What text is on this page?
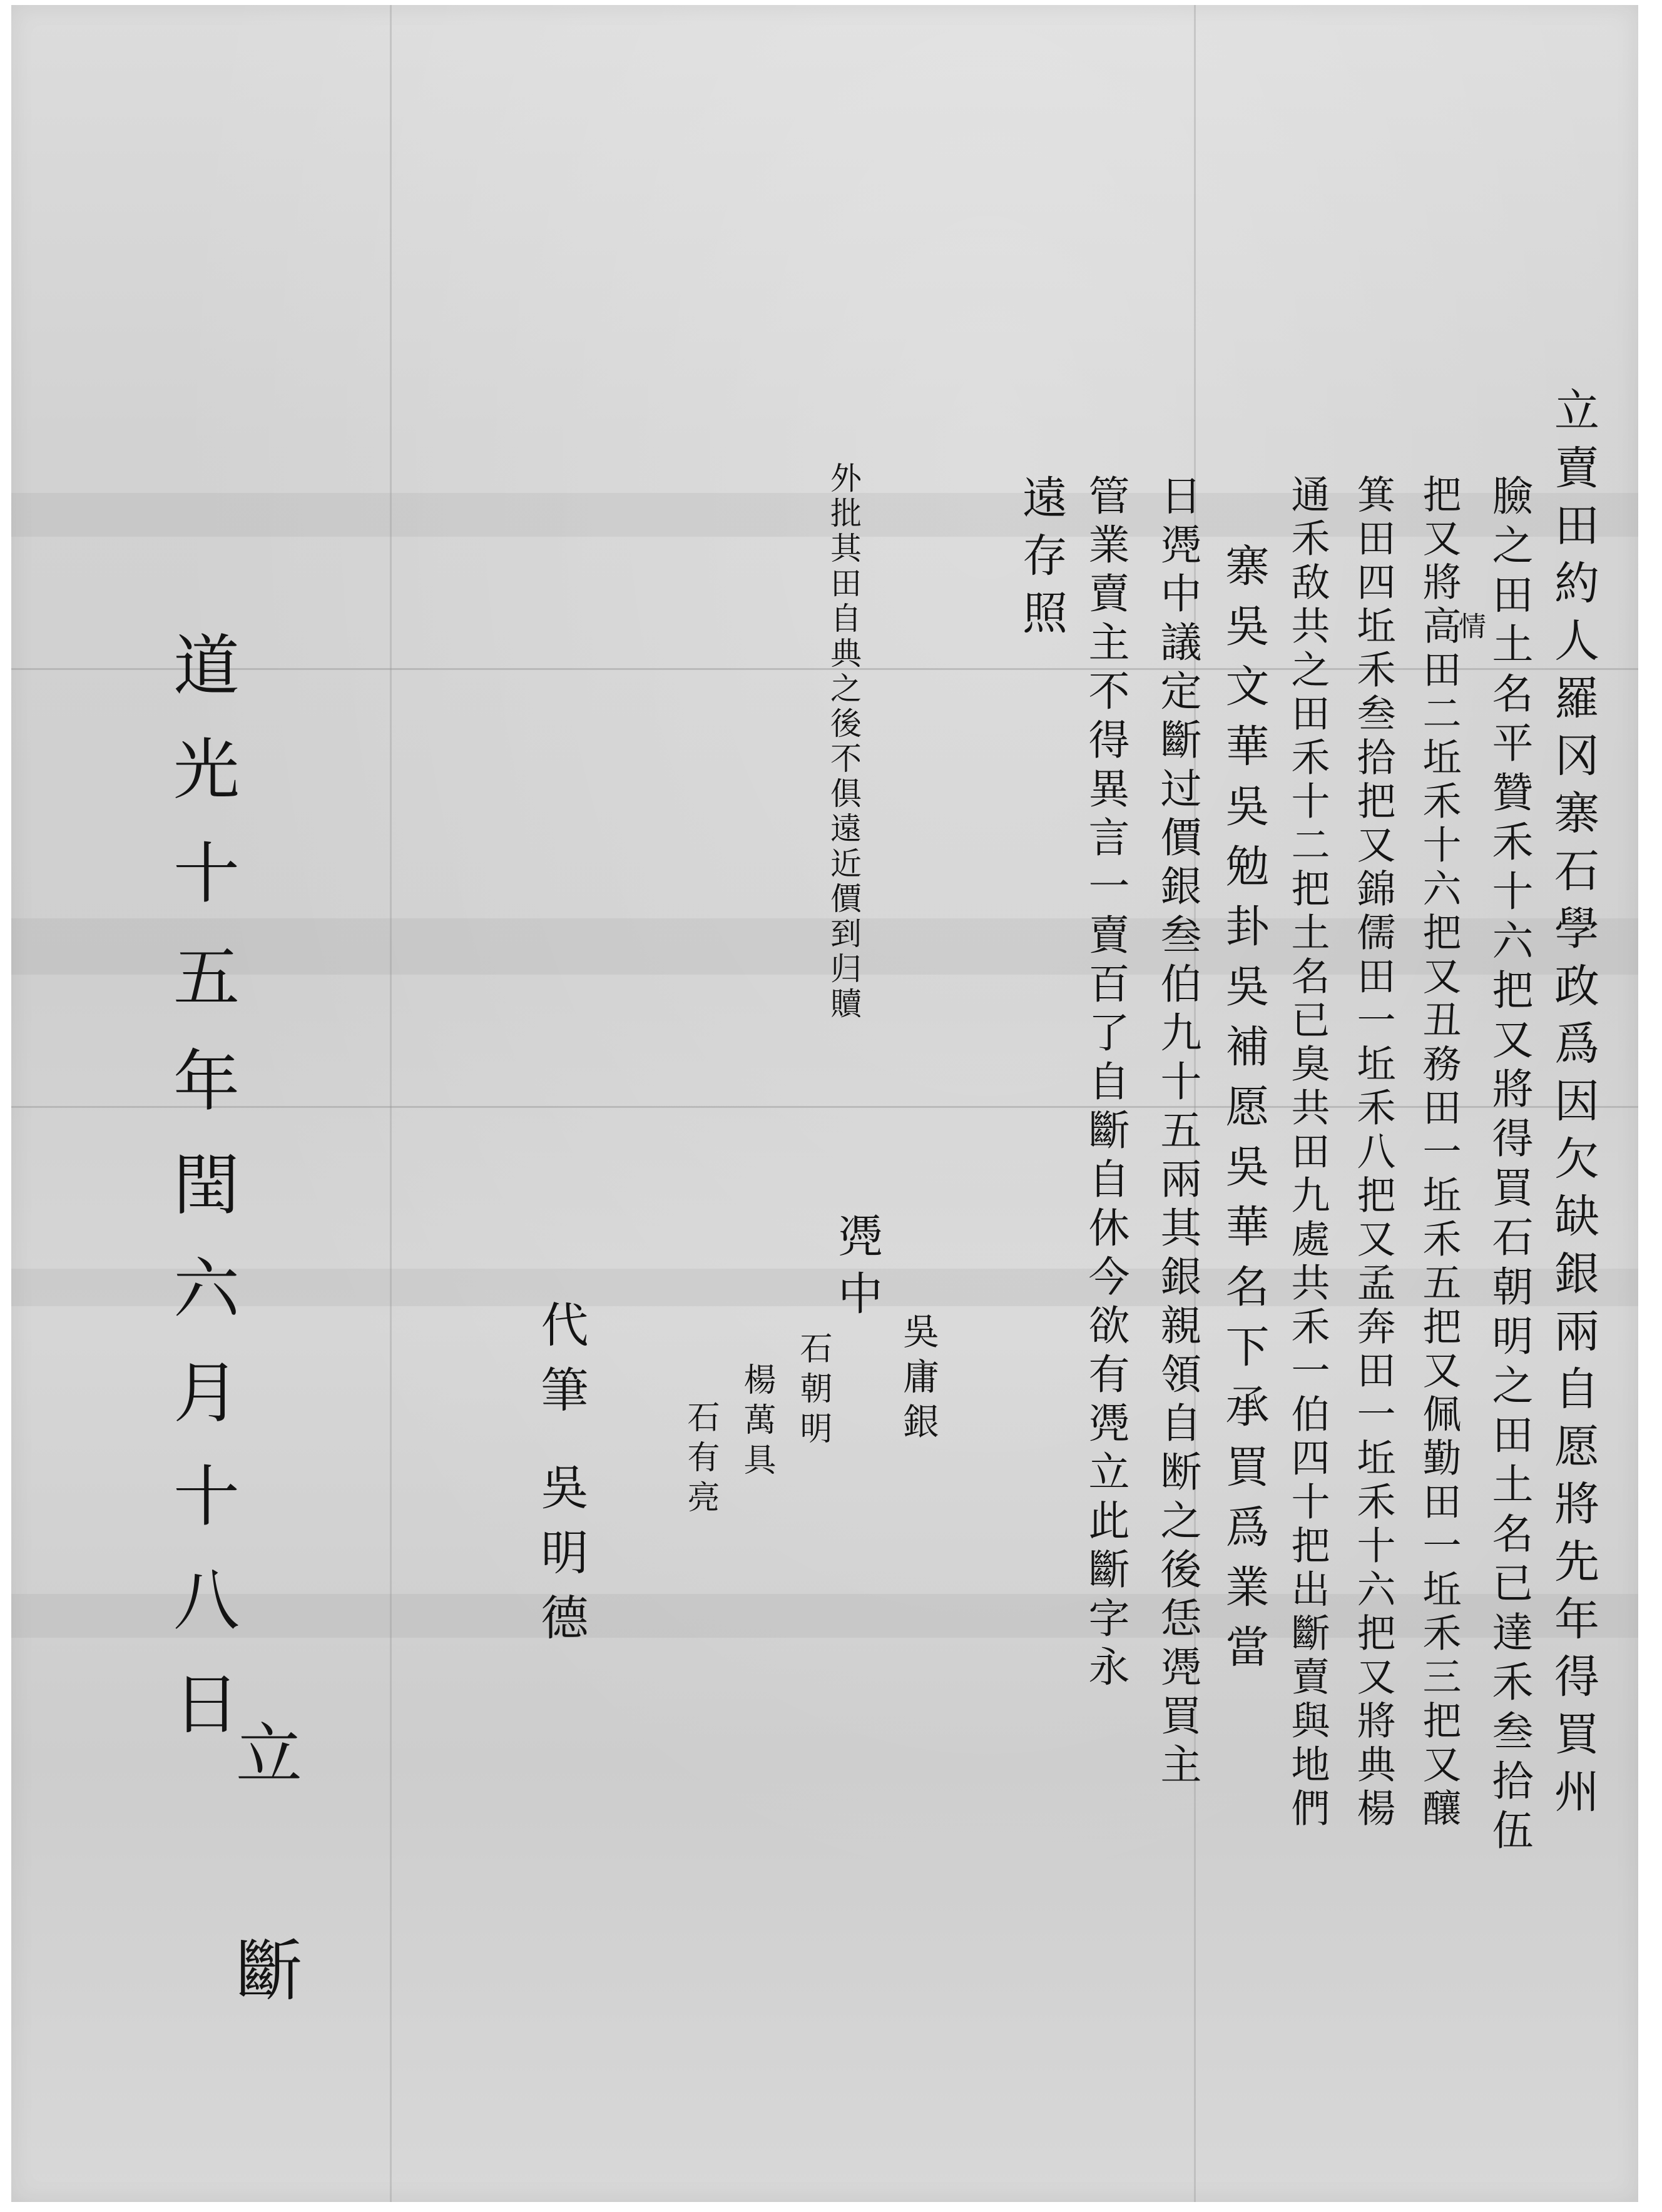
立賣田約人羅冈寨石學政爲因欠缺銀兩自愿將先年得買州
臉之田土名平贊禾十六把又將得買石朝明之田土名已達禾叁拾伍
把又將高田二坵禾十六把又丑務田一坵禾五把又佩勤田一坵禾三把又釀
箕田四坵禾叁拾把又錦儒田一坵禾八把又孟奔田一坵禾十六把又將典楊
通禾敌共之田禾十二把土名已臭共田九處共禾一伯四十把出斷賣與地們
寨吳文華吳勉卦吳補愿吳華名下承買爲業當
日凴中議定斷过價銀叁伯九十五兩其銀親領自断之後恁凴買主
管業賣主不得異言一賣百了自斷自休今欲有凴立此斷字永
遠存照	情
外批其田自典之後不俱遠近價到归贖
凴中
吳庸銀
石朝明
楊萬具
石有亮
代筆 吳明德
道光十五年閏六月十八日
立斷
